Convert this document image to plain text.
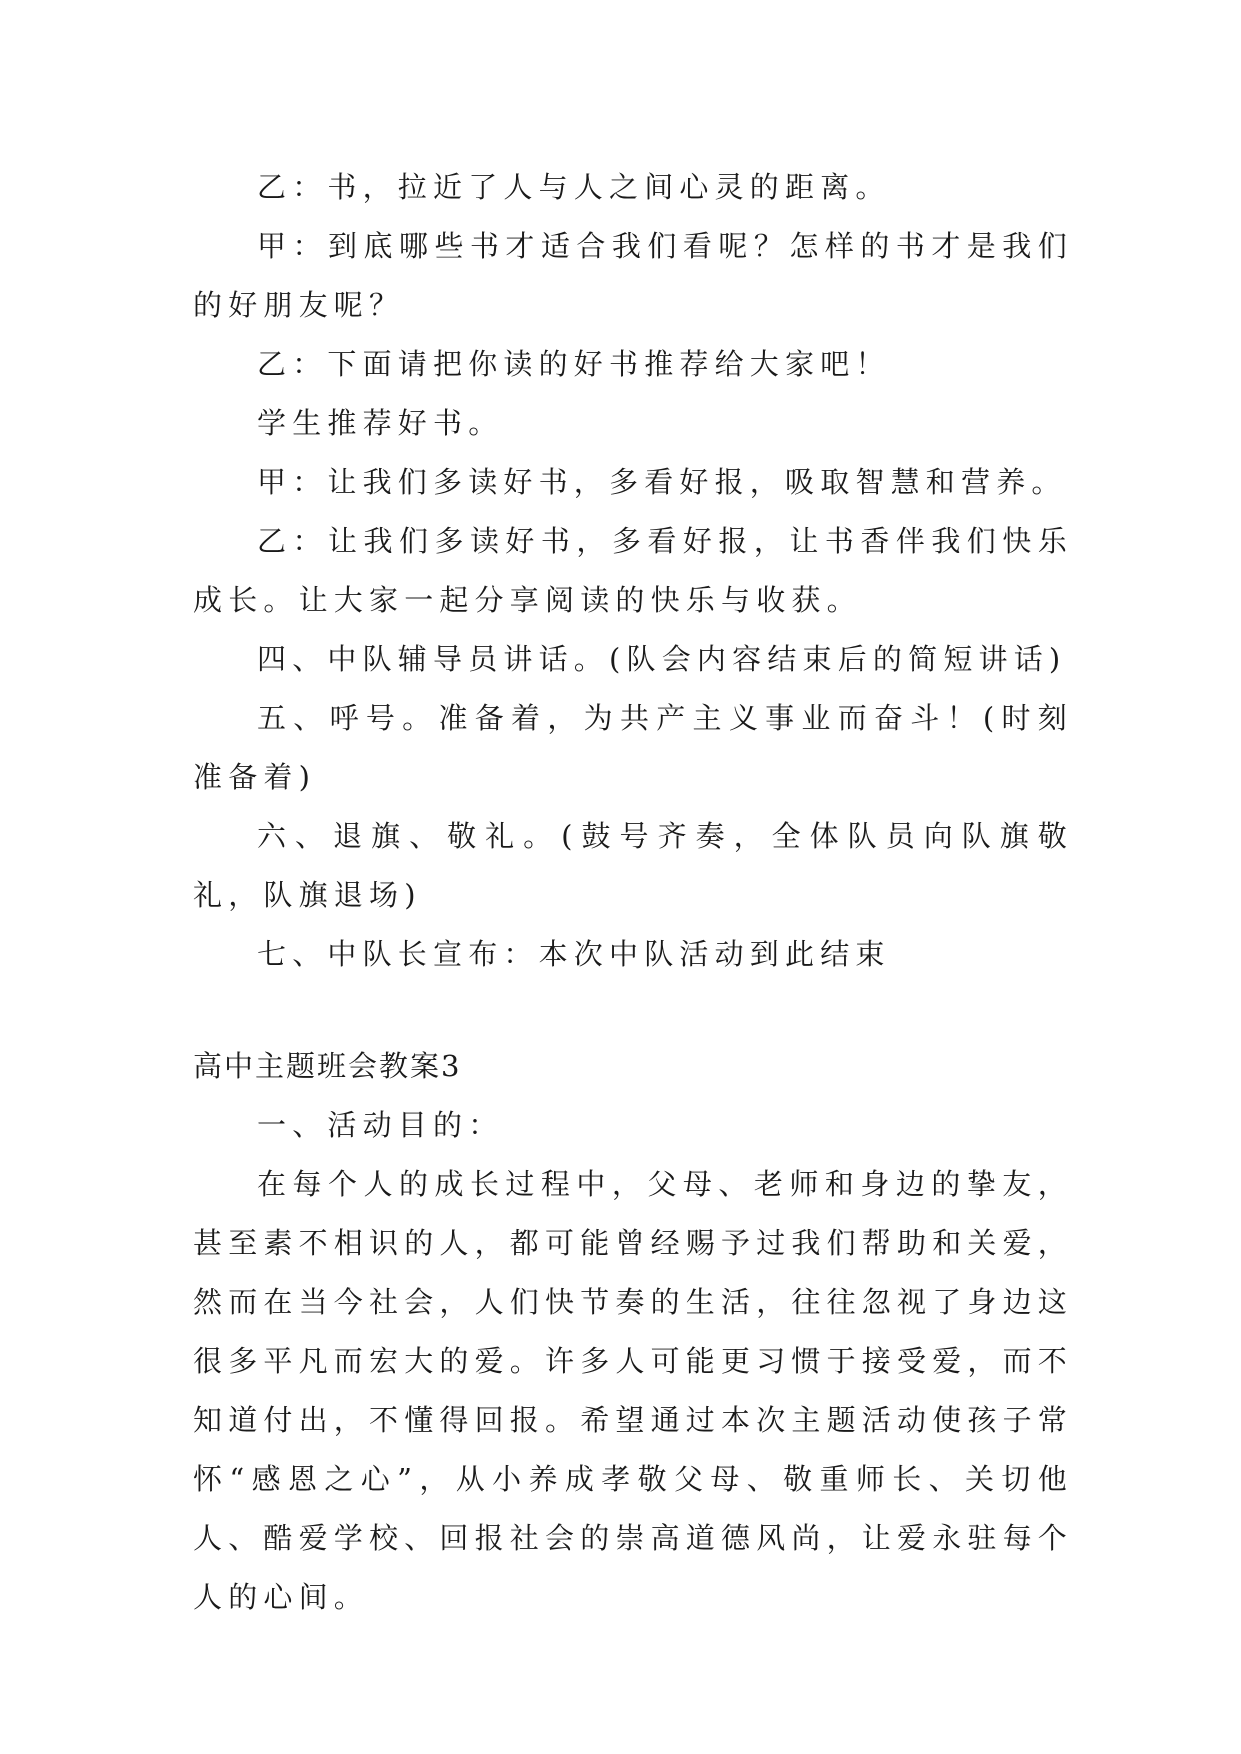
乙：书，拉近了人与人之间心灵的距离。

甲：到底哪些书才适合我们看呢？怎样的书才是我们的好朋友呢？

乙：下面请把你读的好书推荐给大家吧！

学生推荐好书。

甲：让我们多读好书，多看好报，吸取智慧和营养。

乙：让我们多读好书，多看好报，让书香伴我们快乐成长。让大家一起分享阅读的快乐与收获。

四、中队辅导员讲话。(队会内容结束后的简短讲话)

五、呼号。准备着，为共产主义事业而奋斗！(时刻准备着)

六、退旗、敬礼。(鼓号齐奏，全体队员向队旗敬礼，队旗退场)

七、中队长宣布：本次中队活动到此结束

高中主题班会教案3

一、活动目的：

在每个人的成长过程中，父母、老师和身边的挚友，甚至素不相识的人，都可能曾经赐予过我们帮助和关爱，然而在当今社会，人们快节奏的生活，往往忽视了身边这很多平凡而宏大的爱。许多人可能更习惯于接受爱，而不知道付出，不懂得回报。希望通过本次主题活动使孩子常怀“感恩之心”，从小养成孝敬父母、敬重师长、关切他人、酷爱学校、回报社会的崇高道德风尚，让爱永驻每个人的心间。
